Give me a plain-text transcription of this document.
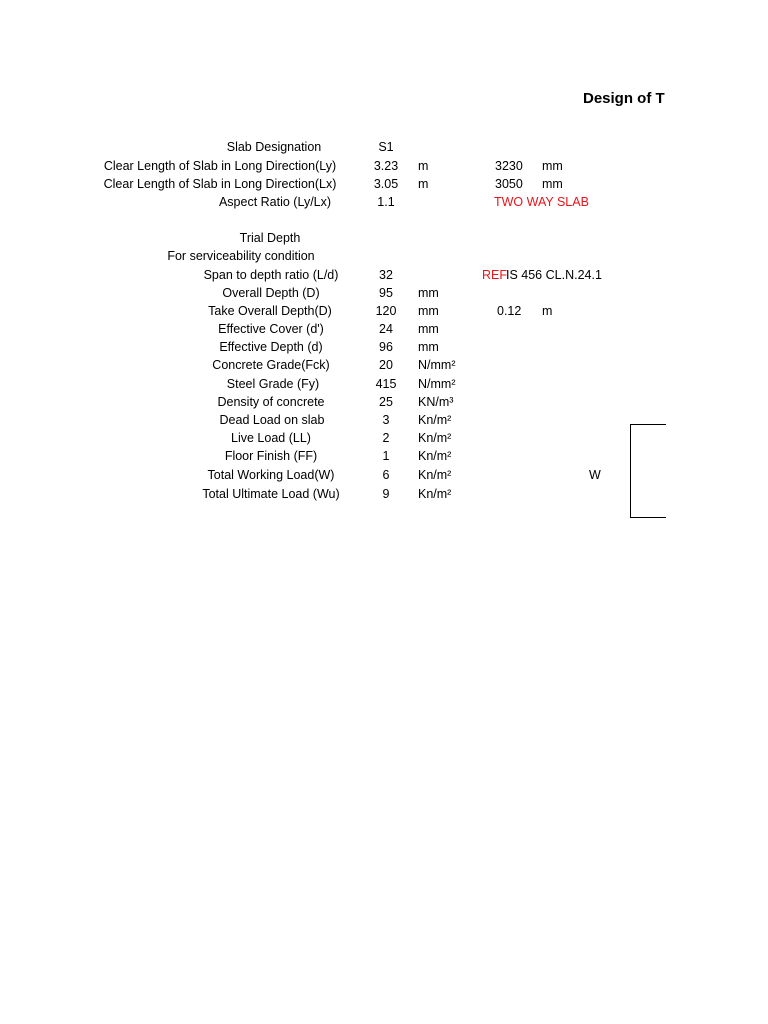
Design of T
Slab Designation	S1
Clear Length of Slab in Long Direction(Ly)	3.23	m	3230 mm
Clear Length of Slab in Long Direction(Lx)	3.05	m	3050 mm
Aspect Ratio (Ly/Lx)	1.1	TWO WAY SLAB
Trial Depth
For serviceability condition
Span to depth ratio (L/d)	32	REF IS 456 CL.N.24.1
Overall Depth (D)	95	mm
Take Overall Depth(D)	120	mm	0.12 m
Effective Cover (d')	24	mm
Effective Depth (d)	96	mm
Concrete Grade(Fck)	20	N/mm²
Steel Grade (Fy)	415	N/mm²
Density of concrete	25	KN/m³
Dead Load on slab	3	Kn/m²
Live Load (LL)	2	Kn/m²
Floor Finish (FF)	1	Kn/m²
Total Working Load(W)	6	Kn/m²	W
Total Ultimate Load (Wu)	9	Kn/m²
